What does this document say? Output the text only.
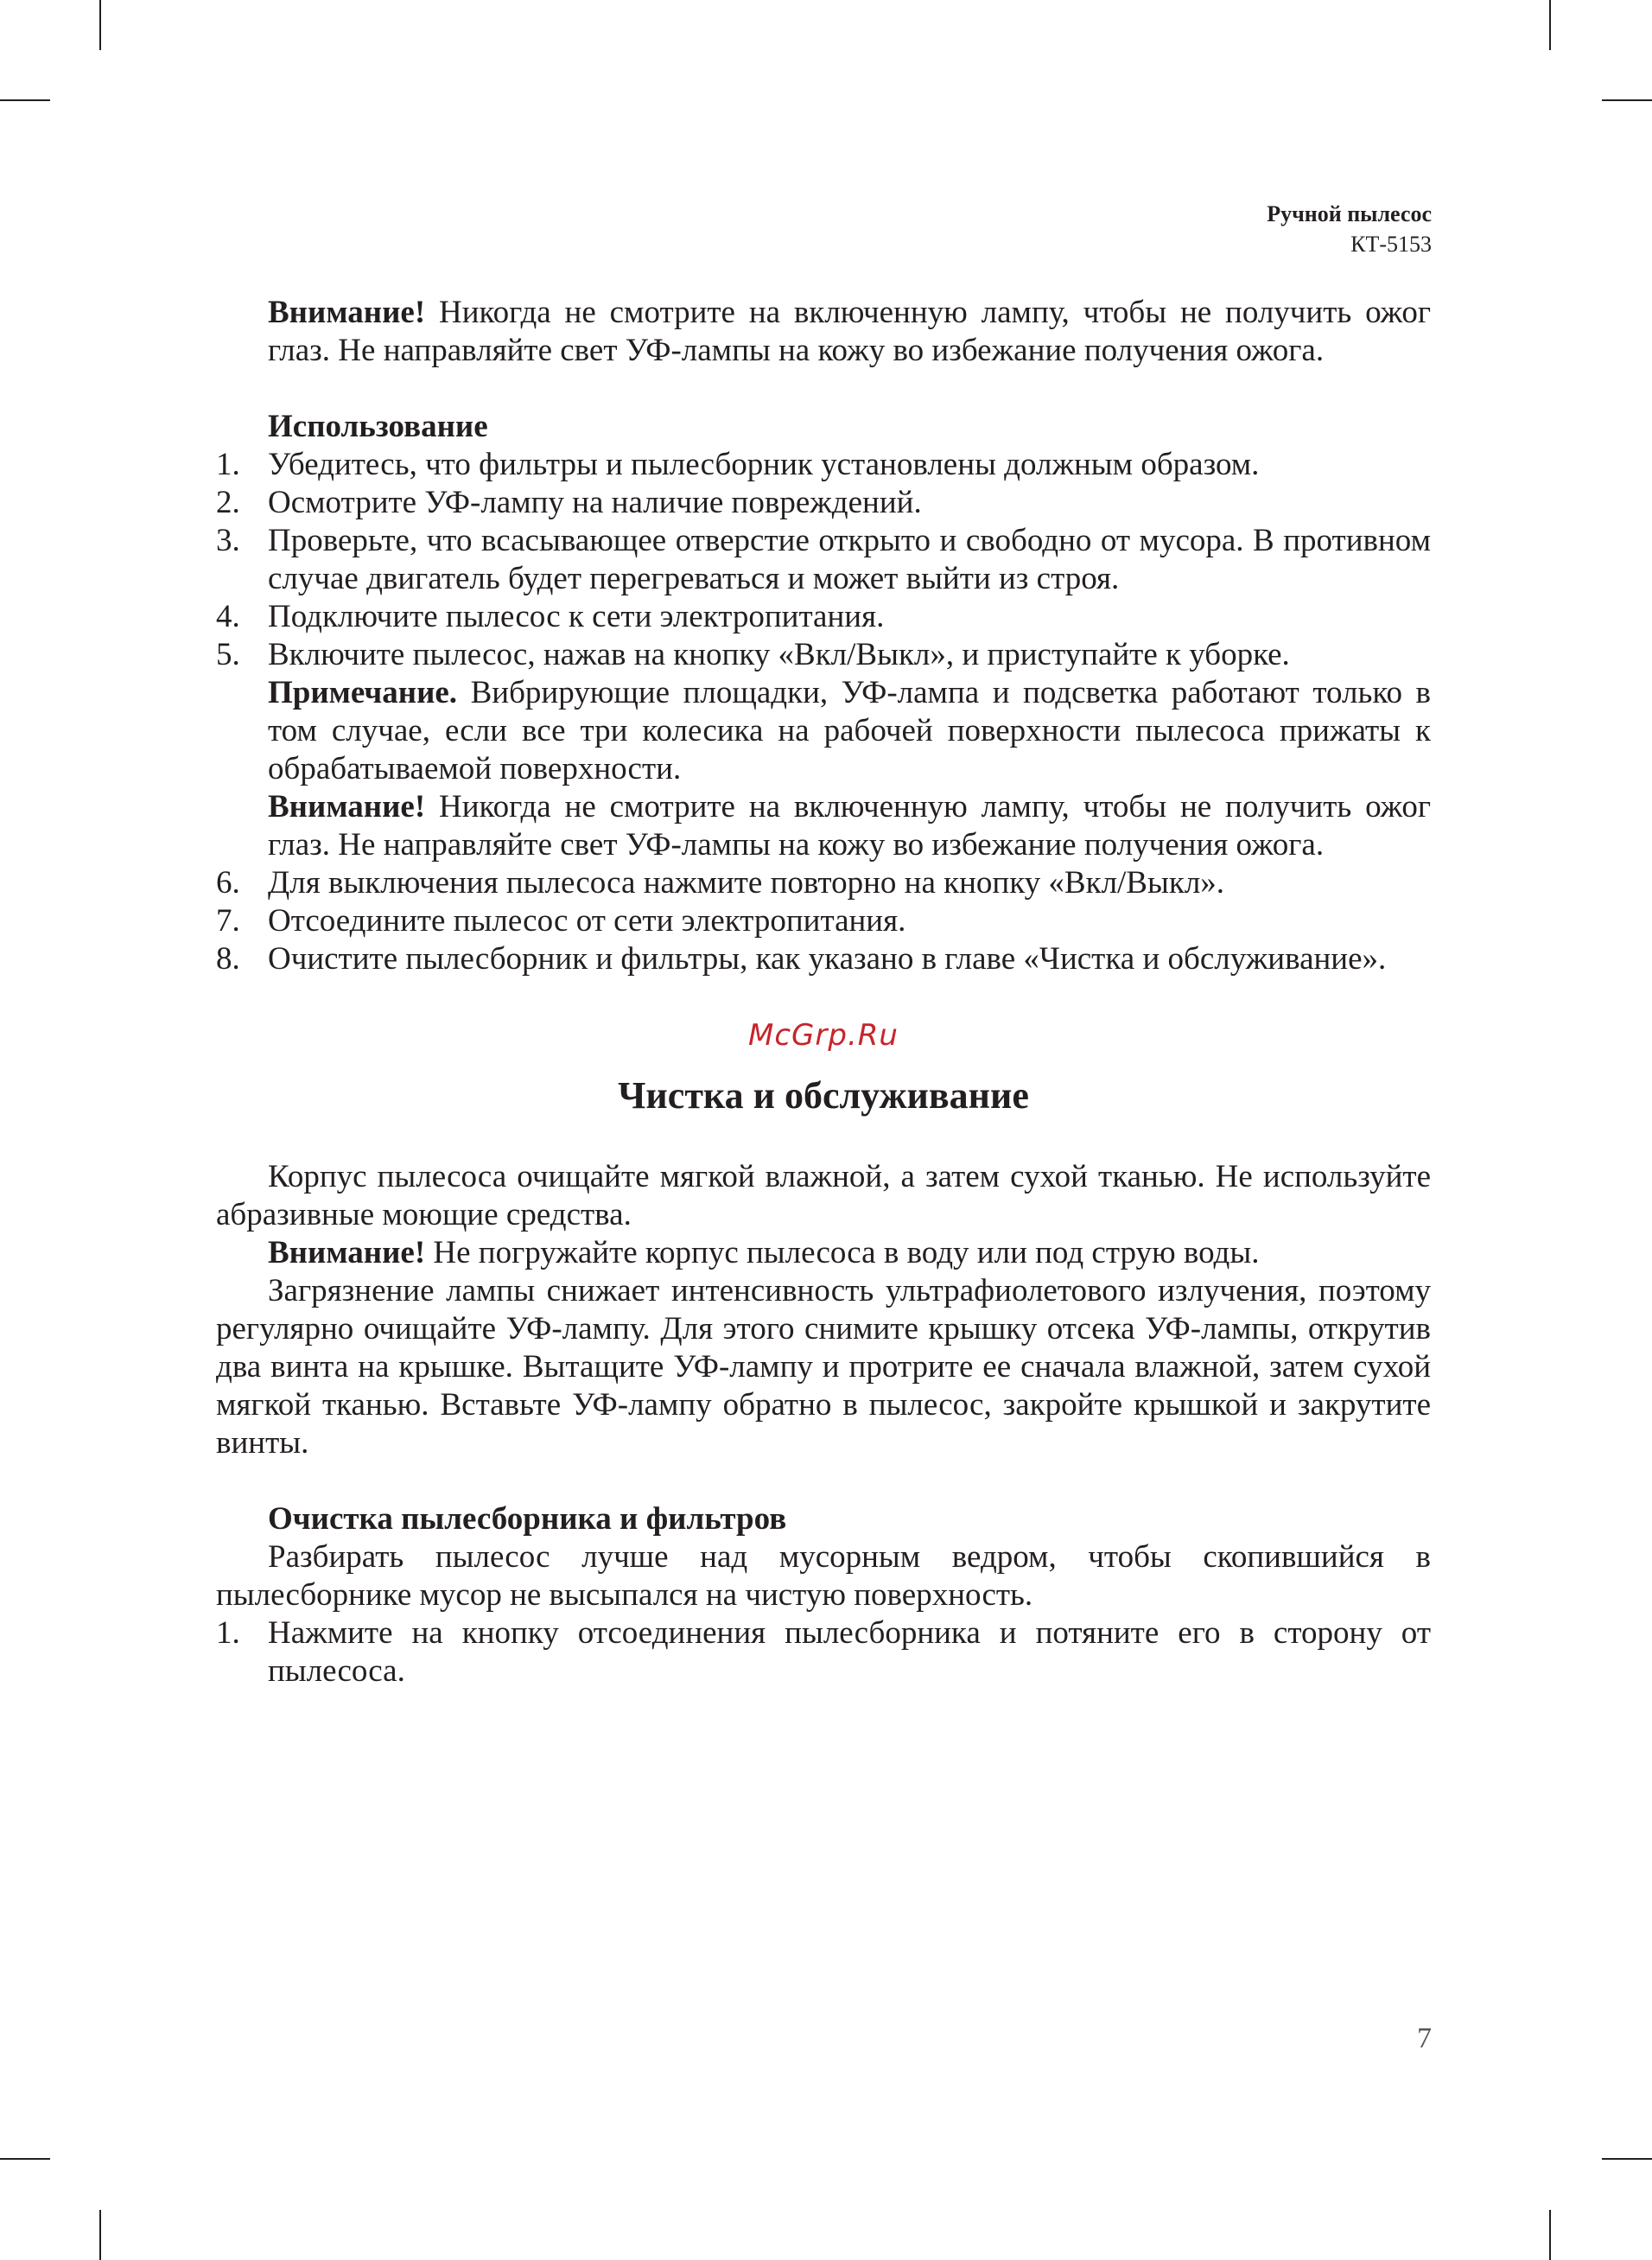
Ручной пылесос
КТ-5153

Внимание! Никогда не смотрите на включенную лампу, чтобы не получить ожог глаз. Не направляйте свет УФ-лампы на кожу во избежание получения ожога.

Использование

1. Убедитесь, что фильтры и пылесборник установлены должным образом.
2. Осмотрите УФ-лампу на наличие повреждений.
3. Проверьте, что всасывающее отверстие открыто и свободно от мусора. В противном случае двигатель будет перегреваться и может выйти из строя.
4. Подключите пылесос к сети электропитания.
5. Включите пылесос, нажав на кнопку «Вкл/Выкл», и приступайте к уборке.

Примечание. Вибрирующие площадки, УФ-лампа и подсветка работают только в том случае, если все три колесика на рабочей поверхности пылесоса прижаты к обрабатываемой поверхности.

Внимание! Никогда не смотрите на включенную лампу, чтобы не получить ожог глаз. Не направляйте свет УФ-лампы на кожу во избежание получения ожога.

6. Для выключения пылесоса нажмите повторно на кнопку «Вкл/Выкл».
7. Отсоедините пылесос от сети электропитания.
8. Очистите пылесборник и фильтры, как указано в главе «Чистка и обслуживание».
McGrp.Ru
Чистка и обслуживание

Корпус пылесоса очищайте мягкой влажной, а затем сухой тканью. Не используйте абразивные моющие средства.

Внимание! Не погружайте корпус пылесоса в воду или под струю воды.

Загрязнение лампы снижает интенсивность ультрафиолетового излучения, поэтому регулярно очищайте УФ-лампу. Для этого снимите крышку отсека УФ-лампы, открутив два винта на крышке. Вытащите УФ-лампу и протрите ее сначала влажной, затем сухой мягкой тканью. Вставьте УФ-лампу обратно в пылесос, закройте крышкой и закрутите винты.

Очистка пылесборника и фильтров

Разбирать пылесос лучше над мусорным ведром, чтобы скопившийся в пылесборнике мусор не высыпался на чистую поверхность.

1. Нажмите на кнопку отсоединения пылесборника и потяните его в сторону от пылесоса.
7
